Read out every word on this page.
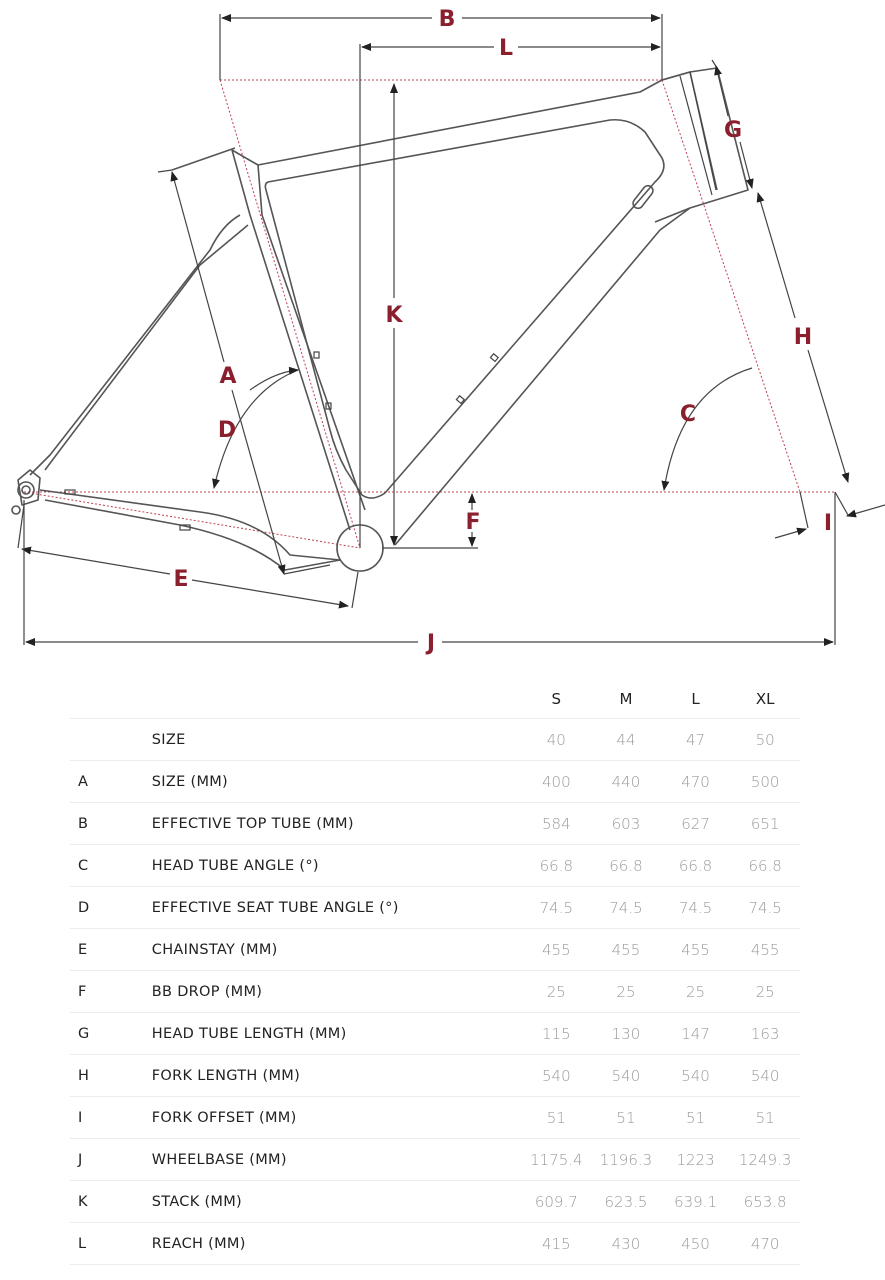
B
L
K
A
D
E
F
G
H
C
I
J
		S	M	L	XL
	SIZE	40	44	47	50
A	SIZE (MM)	400	440	470	500
B	EFFECTIVE TOP TUBE (MM)	584	603	627	651
C	HEAD TUBE ANGLE (°)	66.8	66.8	66.8	66.8
D	EFFECTIVE SEAT TUBE ANGLE (°)	74.5	74.5	74.5	74.5
E	CHAINSTAY (MM)	455	455	455	455
F	BB DROP (MM)	25	25	25	25
G	HEAD TUBE LENGTH (MM)	115	130	147	163
H	FORK LENGTH (MM)	540	540	540	540
I	FORK OFFSET (MM)	51	51	51	51
J	WHEELBASE (MM)	1175.4	1196.3	1223	1249.3
K	STACK (MM)	609.7	623.5	639.1	653.8
L	REACH (MM)	415	430	450	470
